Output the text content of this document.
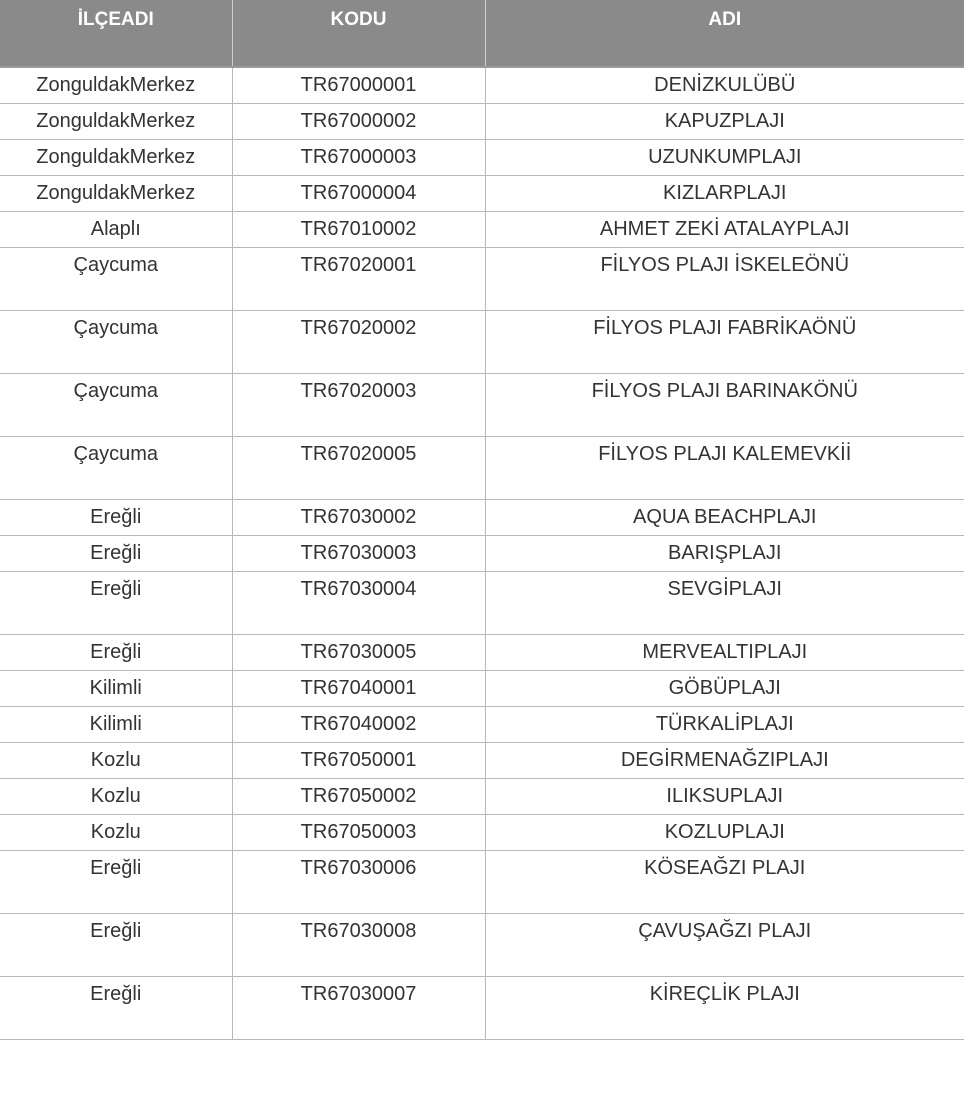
İLÇEADI	KODU	ADI
ZonguldakMerkez	TR67000001	DENİZKULÜBÜ
ZonguldakMerkez	TR67000002	KAPUZPLAJI
ZonguldakMerkez	TR67000003	UZUNKUMPLAJI
ZonguldakMerkez	TR67000004	KIZLARPLAJI
Alaplı	TR67010002	AHMET ZEKİ ATALAYPLAJI
Çaycuma	TR67020001	FİLYOS PLAJI İSKELEÖNÜ
Çaycuma	TR67020002	FİLYOS PLAJI FABRİKAÖNÜ
Çaycuma	TR67020003	FİLYOS PLAJI BARINAKÖNÜ
Çaycuma	TR67020005	FİLYOS PLAJI KALEMEVKİİ
Ereğli	TR67030002	AQUA BEACHPLAJI
Ereğli	TR67030003	BARIŞPLAJI
Ereğli	TR67030004	SEVGİPLAJI
Ereğli	TR67030005	MERVEALTIPLAJI
Kilimli	TR67040001	GÖBÜPLAJI
Kilimli	TR67040002	TÜRKALİPLAJI
Kozlu	TR67050001	DEGİRMENAĞZIPLAJI
Kozlu	TR67050002	ILIKSUPLAJI
Kozlu	TR67050003	KOZLUPLAJI
Ereğli	TR67030006	KÖSEAĞZI PLAJI
Ereğli	TR67030008	ÇAVUŞAĞZI PLAJI
Ereğli	TR67030007	KİREÇLİK PLAJI
